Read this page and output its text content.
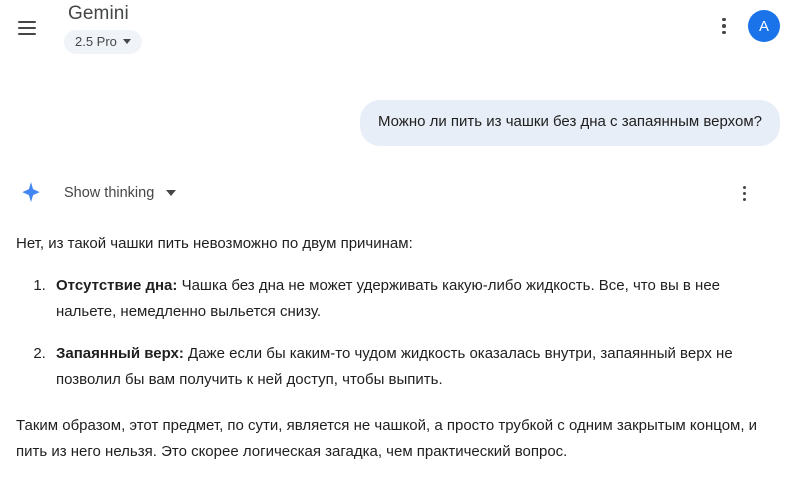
Gemini
2.5 Pro
A
Можно ли пить из чашки без дна с запаянным верхом?
Show thinking

Нет, из такой чашки пить невозможно по двум причинам:

1. Отсутствие дна: Чашка без дна не может удерживать какую-либо жидкость. Все, что вы в нее нальете, немедленно выльется снизу.
2. Запаянный верх: Даже если бы каким-то чудом жидкость оказалась внутри, запаянный верх не позволил бы вам получить к ней доступ, чтобы выпить.

Таким образом, этот предмет, по сути, является не чашкой, а просто трубкой с одним закрытым концом, и пить из него нельзя. Это скорее логическая загадка, чем практический вопрос.
